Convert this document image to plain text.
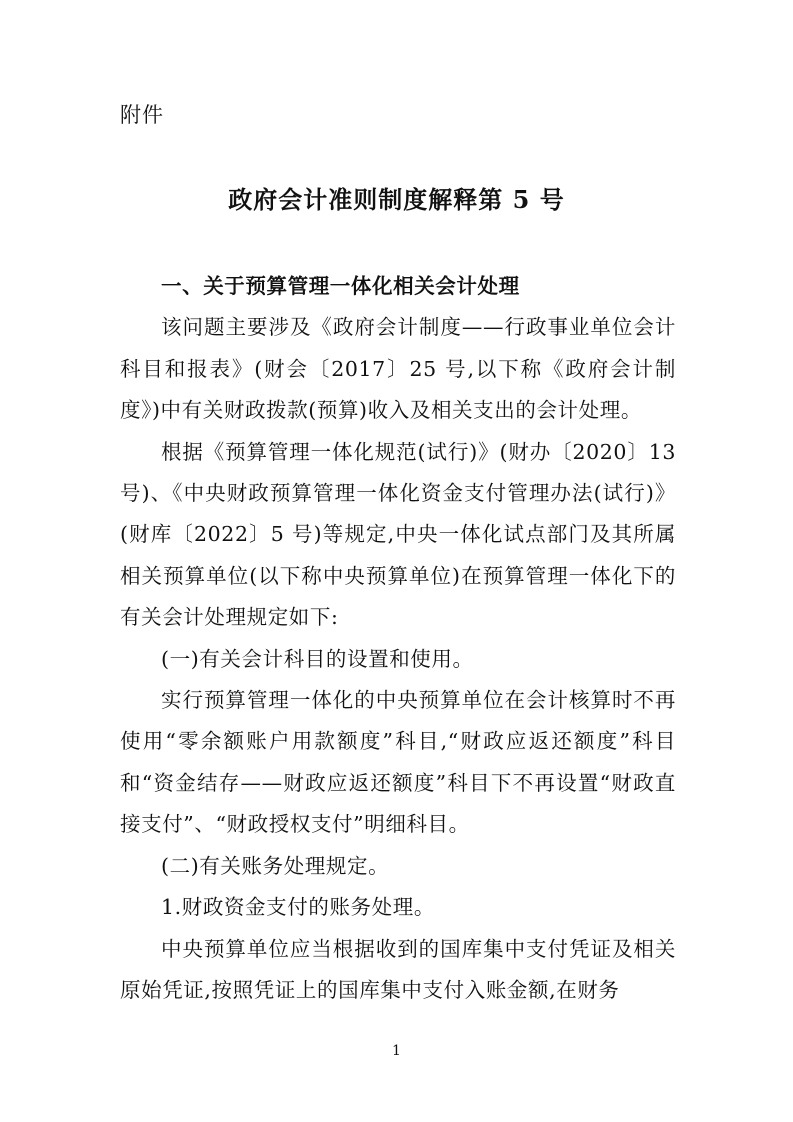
附件
政府会计准则制度解释第 5 号

一、关于预算管理一体化相关会计处理

该问题主要涉及《政府会计制度——行政事业单位会计科目和报表》(财会〔2017〕25 号,以下称《政府会计制度》)中有关财政拨款(预算)收入及相关支出的会计处理。

根据《预算管理一体化规范(试行)》(财办〔2020〕13 号)、《中央财政预算管理一体化资金支付管理办法(试行)》(财库〔2022〕5 号)等规定,中央一体化试点部门及其所属相关预算单位(以下称中央预算单位)在预算管理一体化下的有关会计处理规定如下:

(一)有关会计科目的设置和使用。

实行预算管理一体化的中央预算单位在会计核算时不再使用“零余额账户用款额度”科目,“财政应返还额度”科目和“资金结存——财政应返还额度”科目下不再设置“财政直接支付”、“财政授权支付”明细科目。

(二)有关账务处理规定。

1.财政资金支付的账务处理。

中央预算单位应当根据收到的国库集中支付凭证及相关原始凭证,按照凭证上的国库集中支付入账金额,在财务

1
